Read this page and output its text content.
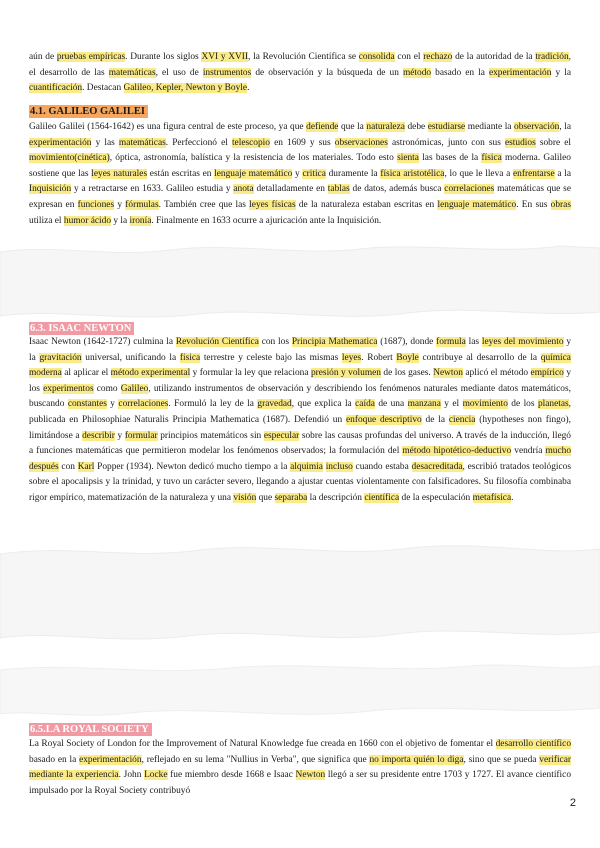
aún de pruebas empíricas. Durante los siglos XVI y XVII, la Revolución Científica se consolida con el rechazo de la autoridad de la tradición, el desarrollo de las matemáticas, el uso de instrumentos de observación y la búsqueda de un método basado en la experimentación y la cuantificación. Destacan Galileo, Kepler, Newton y Boyle.

4.1. GALILEO GALILEI

Galileo Galilei (1564-1642) es una figura central de este proceso, ya que defiende que la naturaleza debe estudiarse mediante la observación, la experimentación y las matemáticas. Perfeccionó el telescopio en 1609 y sus observaciones astronómicas, junto con sus estudios sobre el movimiento(cinética), óptica, astronomía, balística y la resistencia de los materiales. Todo esto sienta las bases de la física moderna. Galileo sostiene que las leyes naturales están escritas en lenguaje matemático y critica duramente la física aristotélica, lo que le lleva a enfrentarse a la Inquisición y a retractarse en 1633. Galileo estudia y anota detalladamente en tablas de datos, además busca correlaciones matemáticas que se expresan en funciones y fórmulas. También cree que las leyes físicas de la naturaleza estaban escritas en lenguaje matemático. En sus obras utiliza el humor ácido y la ironía. Finalmente en 1633 ocurre a ajuricación ante la Inquisición.

6.3. ISAAC NEWTON

Isaac Newton (1642-1727) culmina la Revolución Científica con los Principia Mathematica (1687), donde formula las leyes del movimiento y la gravitación universal, unificando la física terrestre y celeste bajo las mismas leyes. Robert Boyle contribuye al desarrollo de la química moderna al aplicar el método experimental y formular la ley que relaciona presión y volumen de los gases. Newton aplicó el método empírico y los experimentos como Galileo, utilizando instrumentos de observación y describiendo los fenómenos naturales mediante datos matemáticos, buscando constantes y correlaciones. Formuló la ley de la gravedad, que explica la caída de una manzana y el movimiento de los planetas, publicada en Philosophiae Naturalis Principia Mathematica (1687). Defendió un enfoque descriptivo de la ciencia (hypotheses non fingo), limitándose a describir y formular principios matemáticos sin especular sobre las causas profundas del universo. A través de la inducción, llegó a funciones matemáticas que permitieron modelar los fenómenos observados; la formulación del método hipotético-deductivo vendría mucho después con Karl Popper (1934). Newton dedicó mucho tiempo a la alquimia incluso cuando estaba desacreditada, escribió tratados teológicos sobre el apocalipsis y la trinidad, y tuvo un carácter severo, llegando a ajustar cuentas violentamente con falsificadores. Su filosofía combinaba rigor empírico, matematización de la naturaleza y una visión que separaba la descripción científica de la especulación metafísica.

6.5.LA ROYAL SOCIETY

La Royal Society of London for the Improvement of Natural Knowledge fue creada en 1660 con el objetivo de fomentar el desarrollo científico basado en la experimentación, reflejado en su lema "Nullius in Verba", que significa que no importa quién lo diga, sino que se pueda verificar mediante la experiencia. John Locke fue miembro desde 1668 e Isaac Newton llegó a ser su presidente entre 1703 y 1727. El avance científico impulsado por la Royal Society contribuyó

2
